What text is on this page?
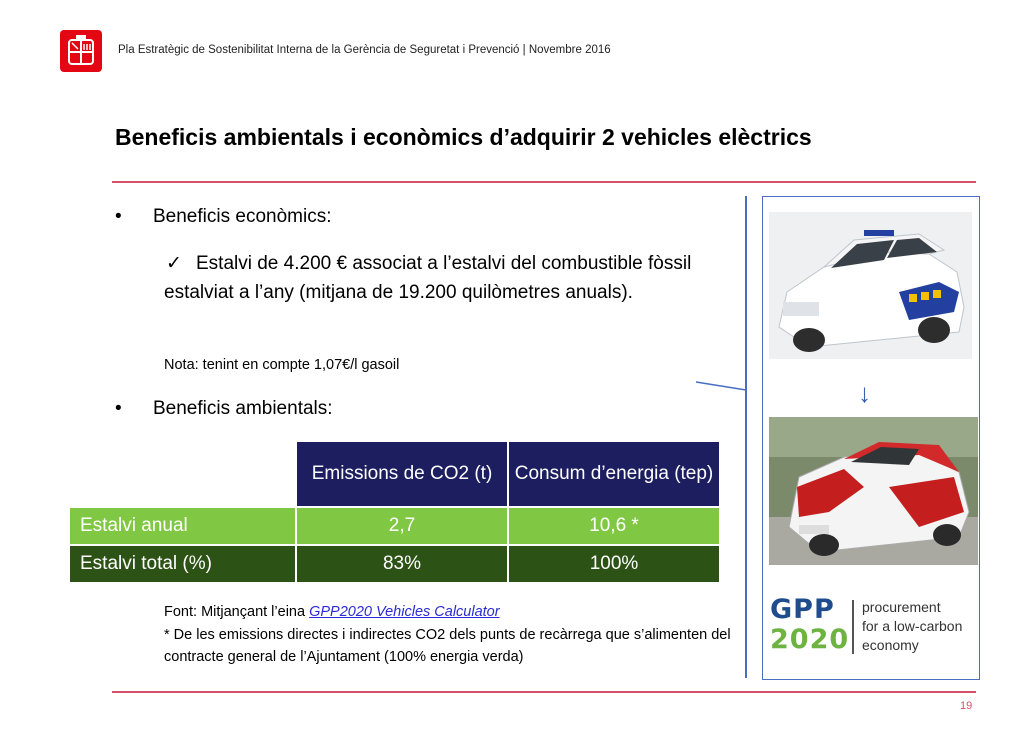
Pla Estratègic de Sostenibilitat Interna de la Gerència de Seguretat i Prevenció | Novembre 2016
Beneficis ambientals i econòmics d’adquirir 2 vehicles elèctrics
• Beneficis econòmics:
✓ Estalvi de 4.200 € associat a l’estalvi del combustible fòssil estalviat a l’any (mitjana de 19.200 quilòmetres anuals).
Nota: tenint en compte 1,07€/l gasoil
• Beneficis ambientals:
	Emissions de CO2 (t)	Consum d’energia (tep)
Estalvi anual	2,7	10,6 *
Estalvi total (%)	83%	100%
Font: Mitjançant l’eina GPP2020 Vehicles Calculator
* De les emissions directes i indirectes CO2 dels punts de recàrrega que s’alimenten del contracte general de l’Ajuntament (100% energia verda)
19
↓
GPP
2020
procurement
for a low-carbon
economy
